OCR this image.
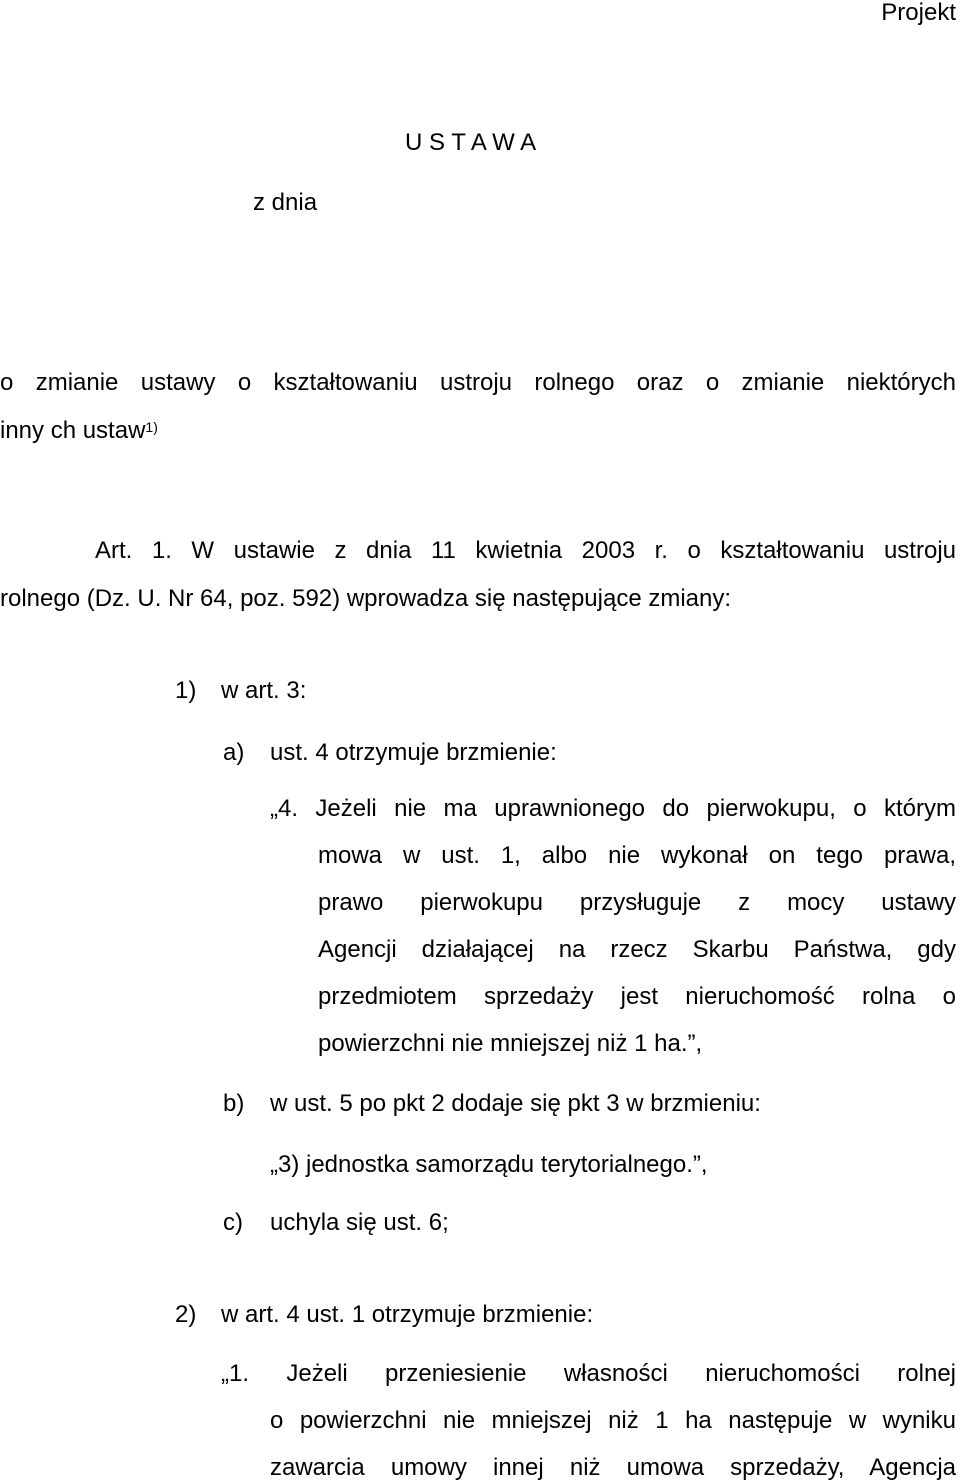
Projekt
U S T A W A
z dnia
o zmianie ustawy o kształtowaniu ustroju rolnego oraz o zmianie niektórych
inny ch ustaw$^{1)}$
Art. 1. W ustawie z dnia 11 kwietnia 2003 r. o kształtowaniu ustroju
rolnego (Dz. U. Nr 64, poz. 592) wprowadza się następujące zmiany:
1) w art. 3:
a) ust. 4 otrzymuje brzmienie:
„4. Jeżeli nie ma uprawnionego do pierwokupu, o którym
mowa w ust. 1, albo nie wykonał on tego prawa,
prawo pierwokupu przysługuje z mocy ustawy
Agencji działającej na rzecz Skarbu Państwa, gdy
przedmiotem sprzedaży jest nieruchomość rolna o
powierzchni nie mniejszej niż 1 ha.”,
b) w ust. 5 po pkt 2 dodaje się pkt 3 w brzmieniu:
„3) jednostka samorządu terytorialnego.”,
c) uchyla się ust. 6;
2) w art. 4 ust. 1 otrzymuje brzmienie:
„1. Jeżeli przeniesienie własności nieruchomości rolnej
o powierzchni nie mniejszej niż 1 ha następuje w wyniku
zawarcia umowy innej niż umowa sprzedaży, Agencja
